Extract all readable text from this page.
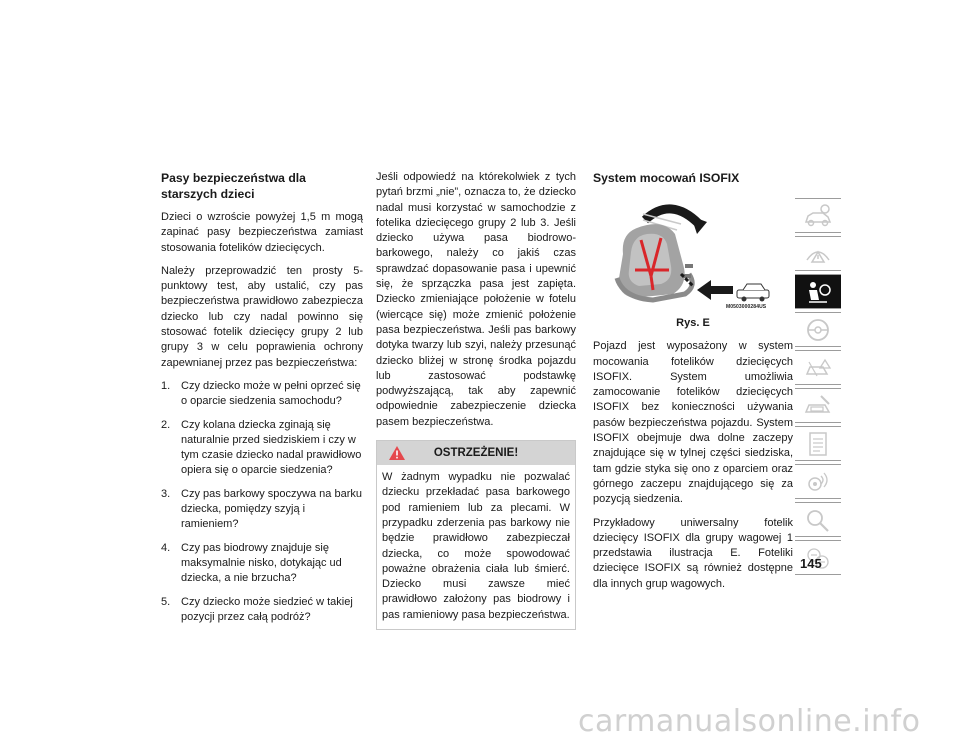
Pasy bezpieczeństwa dla starszych dzieci

Dzieci o wzroście powyżej 1,5 m mogą zapinać pasy bezpieczeństwa zamiast stosowania fotelików dziecięcych.

Należy przeprowadzić ten prosty 5-punktowy test, aby ustalić, czy pas bezpieczeństwa prawidłowo zabezpiecza dziecko lub czy nadal powinno się stosować fotelik dziecięcy grupy 2 lub grupy 3 w celu poprawienia ochrony zapewnianej przez pas bezpieczeństwa:

1. Czy dziecko może w pełni oprzeć się o oparcie siedzenia samochodu?
2. Czy kolana dziecka zginają się naturalnie przed siedziskiem i czy w tym czasie dziecko nadal prawidłowo opiera się o oparcie siedzenia?
3. Czy pas barkowy spoczywa na barku dziecka, pomiędzy szyją i ramieniem?
4. Czy pas biodrowy znajduje się maksymalnie nisko, dotykając ud dziecka, a nie brzucha?
5. Czy dziecko może siedzieć w takiej pozycji przez całą podróż?

Jeśli odpowiedź na którekolwiek z tych pytań brzmi „nie”, oznacza to, że dziecko nadal musi korzystać w samochodzie z fotelika dziecięcego grupy 2 lub 3. Jeśli dziecko używa pasa biodrowo-barkowego, należy co jakiś czas sprawdzać dopasowanie pasa i upewnić się, że sprzączka pasa jest zapięta. Dziecko zmieniające położenie w fotelu (wiercące się) może zmienić położenie pasa bezpieczeństwa. Jeśli pas barkowy dotyka twarzy lub szyi, należy przesunąć dziecko bliżej w stronę środka pojazdu lub zastosować podstawkę podwyższającą, tak aby zapewnić odpowiednie zabezpieczenie dziecka pasem bezpieczeństwa.

OSTRZEŻENIE!
W żadnym wypadku nie pozwalać dziecku przekładać pasa barkowego pod ramieniem lub za plecami. W przypadku zderzenia pas barkowy nie będzie prawidłowo zabezpieczał dziecka, co może spowodować poważne obrażenia ciała lub śmierć. Dziecko musi zawsze mieć prawidłowo założony pas biodrowy i pas ramieniowy pasa bezpieczeństwa.
System mocowań ISOFIX
M0503000284US
Rys. E

Pojazd jest wyposażony w system mocowania fotelików dziecięcych ISOFIX. System umożliwia zamocowanie fotelików dziecięcych ISOFIX bez konieczności używania pasów bezpieczeństwa pojazdu. System ISOFIX obejmuje dwa dolne zaczepy znajdujące się w tylnej części siedziska, tam gdzie styka się ono z oparciem oraz górnego zaczepu znajdującego się za pozycją siedzenia.

Przykładowy uniwersalny fotelik dziecięcy ISOFIX dla grupy wagowej 1 przedstawia ilustracja E. Foteliki dziecięce ISOFIX są również dostępne dla innych grup wagowych.

145
carmanualsonline.info
